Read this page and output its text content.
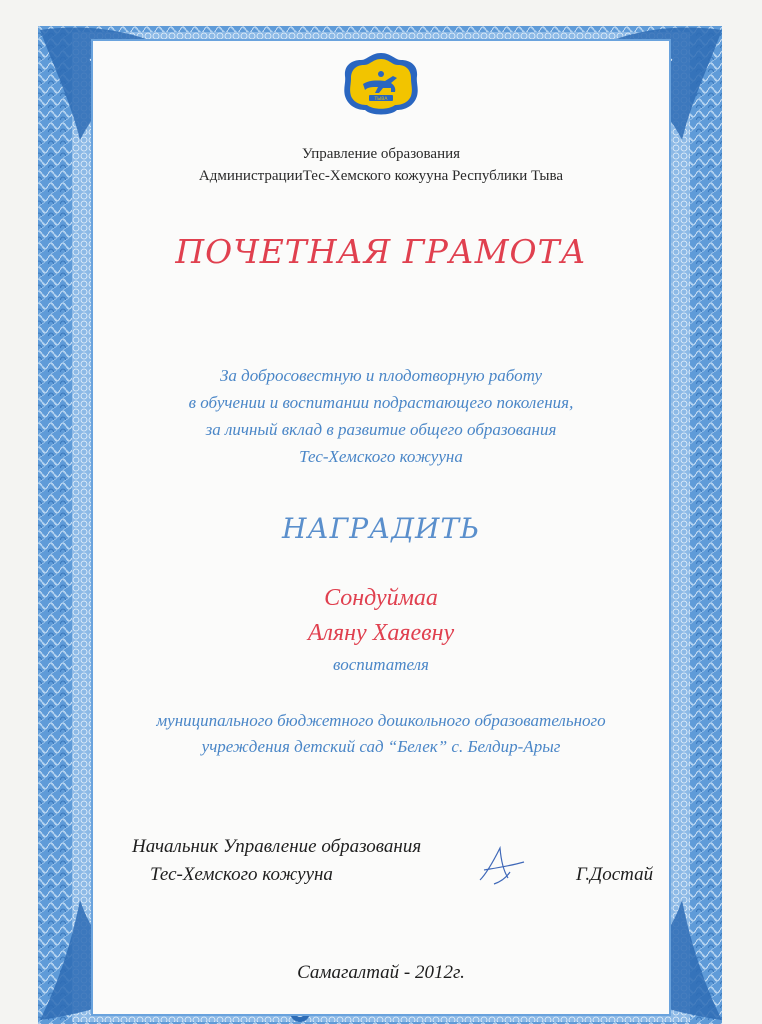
ТЫВА
Управление образования
АдминистрацииТес-Хемского кожууна Республики Тыва
ПОЧЕТНАЯ ГРАМОТА
За добросовестную и плодотворную работу
в обучении и воспитании подрастающего поколения,
за личный вклад в развитие общего образования
Тес-Хемского кожууна
НАГРАДИТЬ
Сондуймаа
Аляну Хаяевну
воспитателя
муниципального бюджетного дошкольного образовательного
учреждения детский сад “Белек” с. Белдир-Арыг
Начальник Управление образования
Тес-Хемского кожууна	Г.Достай
Самагалтай - 2012г.
